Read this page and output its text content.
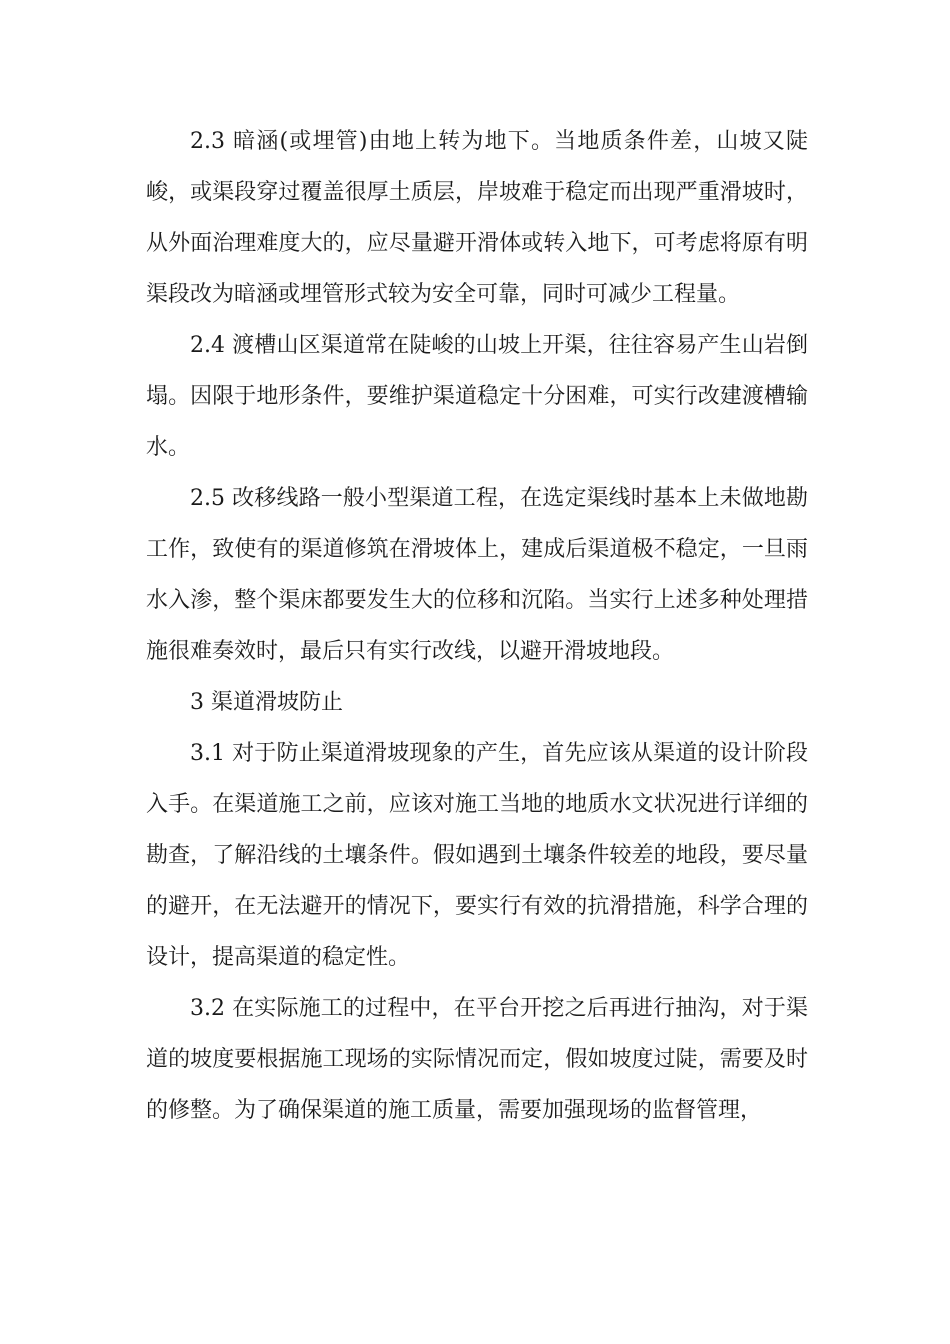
2.3 暗涵(或埋管)由地上转为地下。当地质条件差，山坡又陡峻，或渠段穿过覆盖很厚土质层，岸坡难于稳定而出现严重滑坡时，从外面治理难度大的，应尽量避开滑体或转入地下，可考虑将原有明渠段改为暗涵或埋管形式较为安全可靠，同时可减少工程量。

2.4 渡槽山区渠道常在陡峻的山坡上开渠，往往容易产生山岩倒塌。因限于地形条件，要维护渠道稳定十分困难，可实行改建渡槽输水。

2.5 改移线路一般小型渠道工程，在选定渠线时基本上未做地勘工作，致使有的渠道修筑在滑坡体上，建成后渠道极不稳定，一旦雨水入渗，整个渠床都要发生大的位移和沉陷。当实行上述多种处理措施很难奏效时，最后只有实行改线，以避开滑坡地段。

3 渠道滑坡防止

3.1 对于防止渠道滑坡现象的产生，首先应该从渠道的设计阶段入手。在渠道施工之前，应该对施工当地的地质水文状况进行详细的勘查，了解沿线的土壤条件。假如遇到土壤条件较差的地段，要尽量的避开，在无法避开的情况下，要实行有效的抗滑措施，科学合理的设计，提高渠道的稳定性。

3.2 在实际施工的过程中，在平台开挖之后再进行抽沟，对于渠道的坡度要根据施工现场的实际情况而定，假如坡度过陡，需要及时的修整。为了确保渠道的施工质量，需要加强现场的监督管理，
